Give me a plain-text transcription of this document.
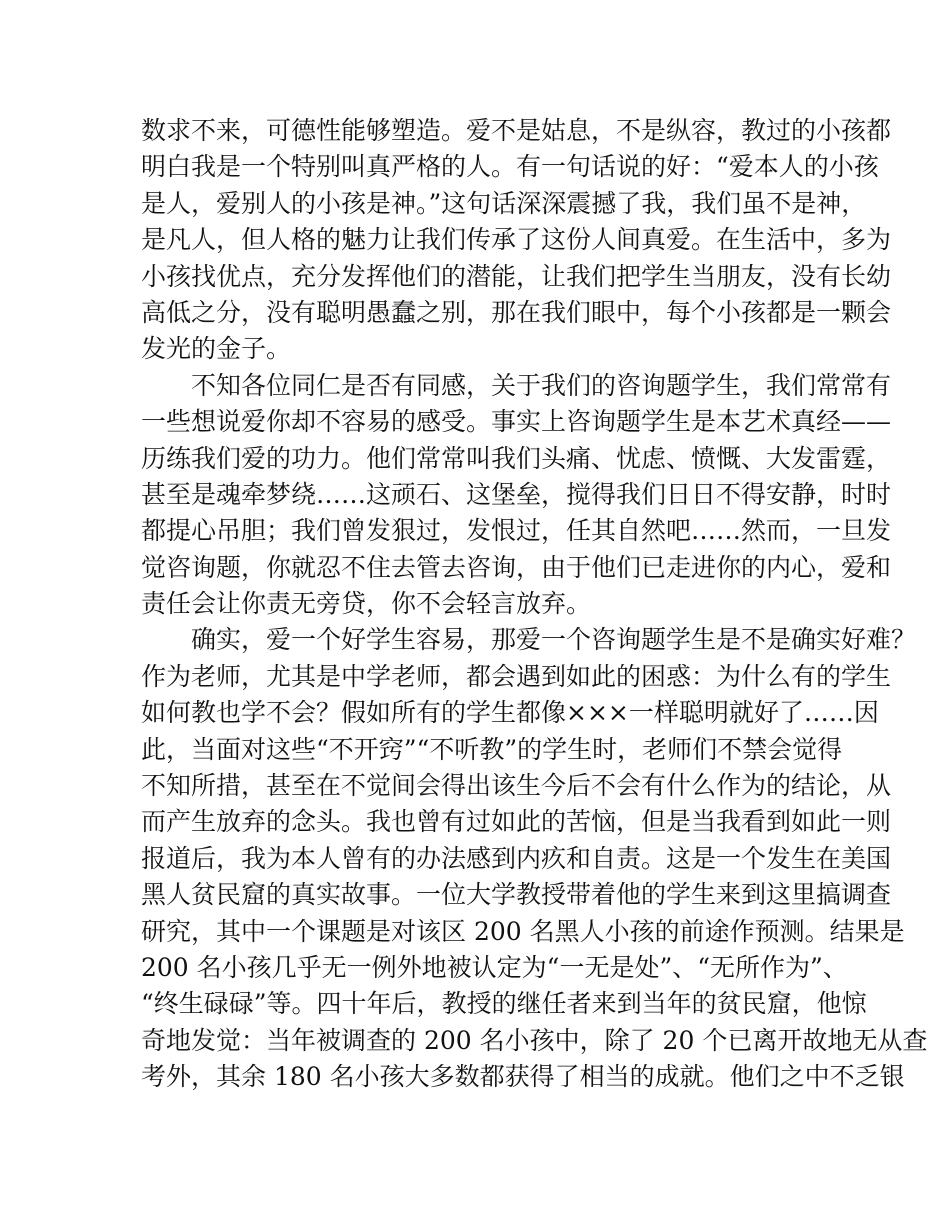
数求不来，可德性能够塑造。爱不是姑息，不是纵容，教过的小孩都
明白我是一个特别叫真严格的人。有一句话说的好：“爱本人的小孩
是人，爱别人的小孩是神。”这句话深深震撼了我，我们虽不是神，
是凡人，但人格的魅力让我们传承了这份人间真爱。在生活中，多为
小孩找优点，充分发挥他们的潜能，让我们把学生当朋友，没有长幼
高低之分，没有聪明愚蠢之别，那在我们眼中，每个小孩都是一颗会
发光的金子。
不知各位同仁是否有同感，关于我们的咨询题学生，我们常常有
一些想说爱你却不容易的感受。事实上咨询题学生是本艺术真经——
历练我们爱的功力。他们常常叫我们头痛、忧虑、愤慨、大发雷霆，
甚至是魂牵梦绕……这顽石、这堡垒，搅得我们日日不得安静，时时
都提心吊胆；我们曾发狠过，发恨过，任其自然吧……然而，一旦发
觉咨询题，你就忍不住去管去咨询，由于他们已走进你的内心，爱和
责任会让你责无旁贷，你不会轻言放弃。
确实，爱一个好学生容易，那爱一个咨询题学生是不是确实好难？
作为老师，尤其是中学老师，都会遇到如此的困惑：为什么有的学生
如何教也学不会？假如所有的学生都像×××一样聪明就好了……因
此，当面对这些“不开窍”“不听教”的学生时，老师们不禁会觉得
不知所措，甚至在不觉间会得出该生今后不会有什么作为的结论，从
而产生放弃的念头。我也曾有过如此的苦恼，但是当我看到如此一则
报道后，我为本人曾有的办法感到内疚和自责。这是一个发生在美国
黑人贫民窟的真实故事。一位大学教授带着他的学生来到这里搞调查
研究，其中一个课题是对该区 200 名黑人小孩的前途作预测。结果是
200 名小孩几乎无一例外地被认定为“一无是处”、“无所作为”、
“终生碌碌”等。四十年后，教授的继任者来到当年的贫民窟，他惊
奇地发觉：当年被调查的 200 名小孩中，除了 20 个已离开故地无从查
考外，其余 180 名小孩大多数都获得了相当的成就。他们之中不乏银
